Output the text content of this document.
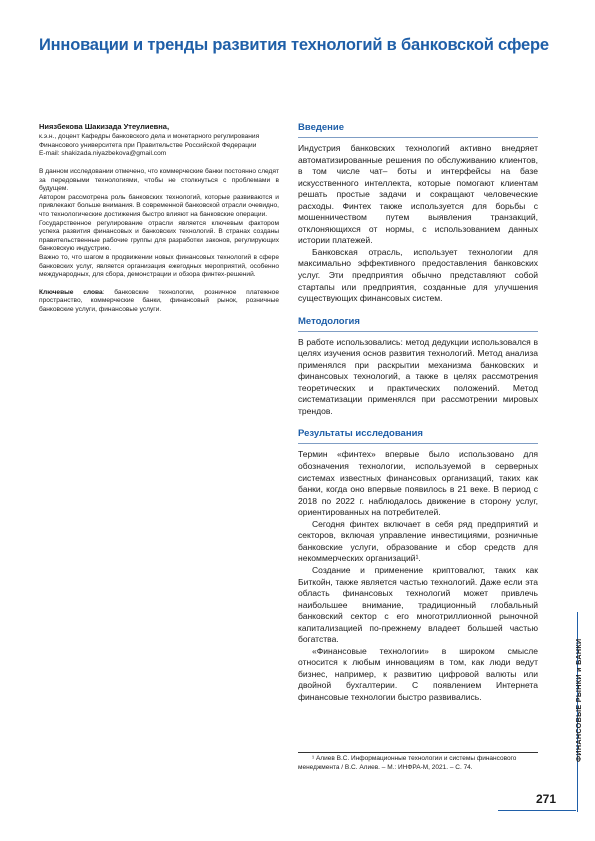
Инновации и тренды развития технологий в банковской сфере

Ниязбекова Шакизада Утеулиевна,

к.э.н., доцент Кафедры банковского дела и монетарного регулирования Финансового университета при Правительстве Российской Федерации

E-mail: shakizada.niyazbekova@gmail.com

В данном исследовании отмечено, что коммерческие банки постоянно следят за передовыми технологиями, чтобы не столкнуться с проблемами в будущем.

Автором рассмотрена роль банковских технологий, которые развиваются и привлекают больше внимания. В современной банковской отрасли очевидно, что технологические достижения быстро влияют на банковские операции.

Государственное регулирование отрасли является ключевым фактором успеха развития финансовых и банковских технологий. В странах созданы правительственные рабочие группы для разработки законов, регулирующих банковскую индустрию.

Важно то, что шагом в продвижении новых финансовых технологий в сфере банковских услуг, является организация ежегодных мероприятий, особенно международных, для сбора, демонстрации и обзора финтех-решений.

Ключевые слова: банковские технологии, розничное платежное пространство, коммерческие банки, финансовый рынок, розничные банковские услуги, финансовые услуги.
Введение

Индустрия банковских технологий активно внедряет автоматизированные решения по обслуживанию клиентов, в том числе чат– боты и интерфейсы на базе искусственного интеллекта, которые помогают клиентам решать простые задачи и сокращают человеческие расходы. Финтех также используется для борьбы с мошенничеством путем выявления транзакций, отклоняющихся от нормы, с использованием данных истории платежей.

Банковская отрасль, использует технологии для максимально эффективного предоставления банковских услуг. Эти предприятия обычно представляют собой стартапы или предприятия, созданные для улучшения существующих финансовых систем.

Методология

В работе использовались: метод дедукции использовался в целях изучения основ развития технологий. Метод анализа применялся при раскрытии механизма банковских и финансовых технологий, а также в целях рассмотрения теоретических и практических положений. Метод систематизации применялся при рассмотрении мировых трендов.

Результаты исследования

Термин «финтех» впервые было использовано для обозначения технологии, используемой в серверных системах известных финансовых организаций, таких как банки, когда оно впервые появилось в 21 веке. В период с 2018 по 2022 г. наблюдалось движение в сторону услуг, ориентированных на потребителей.

Сегодня финтех включает в себя ряд предприятий и секторов, включая управление инвестициями, розничные банковские услуги, образование и сбор средств для некоммерческих организаций¹.

Создание и применение криптовалют, таких как Биткойн, также является частью технологий. Даже если эта область финансовых технологий может привлечь наибольшее внимание, традиционный глобальный банковский сектор с его многотриллионной рыночной капитализацией по-прежнему владеет большей частью богатства.

«Финансовые технологии» в широком смысле относится к любым инновациям в том, как люди ведут бизнес, например, к развитию цифровой валюты или двойной бухгалтерии. С появлением Интернета финансовые технологии быстро развивались.

¹ Алиев В.С. Информационные технологии и системы финансового менеджмента / В.С. Алиев. – М.: ИНФРА-М, 2021. – С. 74.

ФИНАНСОВЫЕ РЫНКИ и БАНКИ
271
